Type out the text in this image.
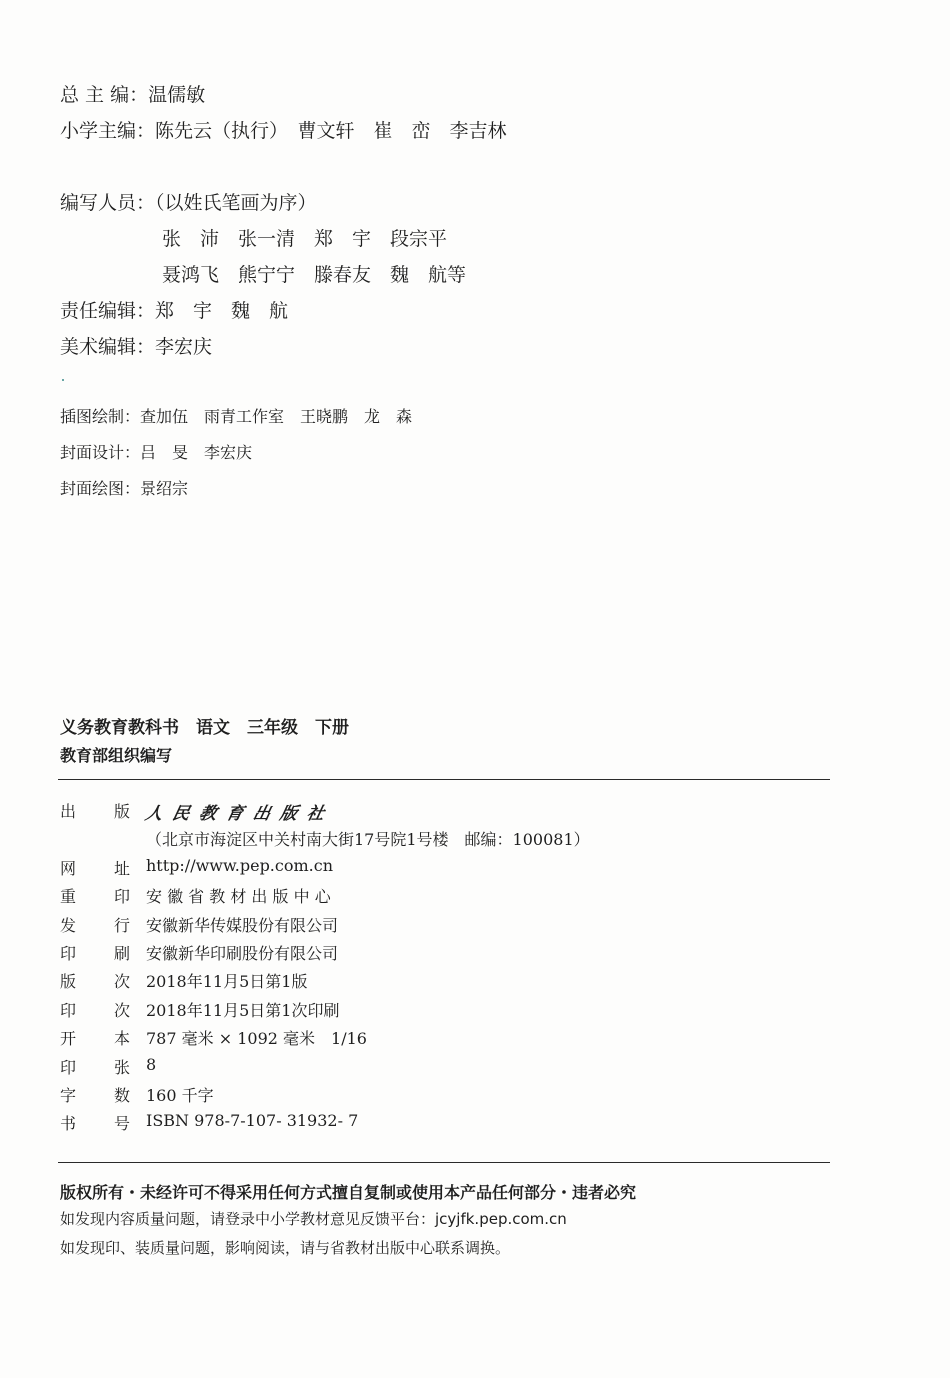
总 主 编：温儒敏
小学主编：陈先云（执行）　曹文轩　崔　峦　李吉林
编写人员：（以姓氏笔画为序）
张　沛　张一清　郑　宇　段宗平
聂鸿飞　熊宁宁　滕春友　魏　航等
责任编辑：郑　宇　魏　航
美术编辑：李宏庆
插图绘制：查加伍　雨青工作室　王晓鹏　龙　森
封面设计：吕　旻　李宏庆
封面绘图：景绍宗
义务教育教科书　语文　三年级　下册
教育部组织编写
出 版 人 民 教 育 出 版 社
（北京市海淀区中关村南大街17号院1号楼　邮编：100081）
网 址 http://www.pep.com.cn
重 印 安 徽 省 教 材 出 版 中 心
发 行 安徽新华传媒股份有限公司
印 刷 安徽新华印刷股份有限公司
版 次 2018年11月5日第1版
印 次 2018年11月5日第1次印刷
开 本 787 毫米 × 1092 毫米　1/16
印 张 8
字 数 160 千字
书 号 ISBN 978-7-107- 31932- 7
版权所有・未经许可不得采用任何方式擅自复制或使用本产品任何部分・违者必究
如发现内容质量问题，请登录中小学教材意见反馈平台：jcyjfk.pep.com.cn
如发现印、装质量问题，影响阅读，请与省教材出版中心联系调换。
